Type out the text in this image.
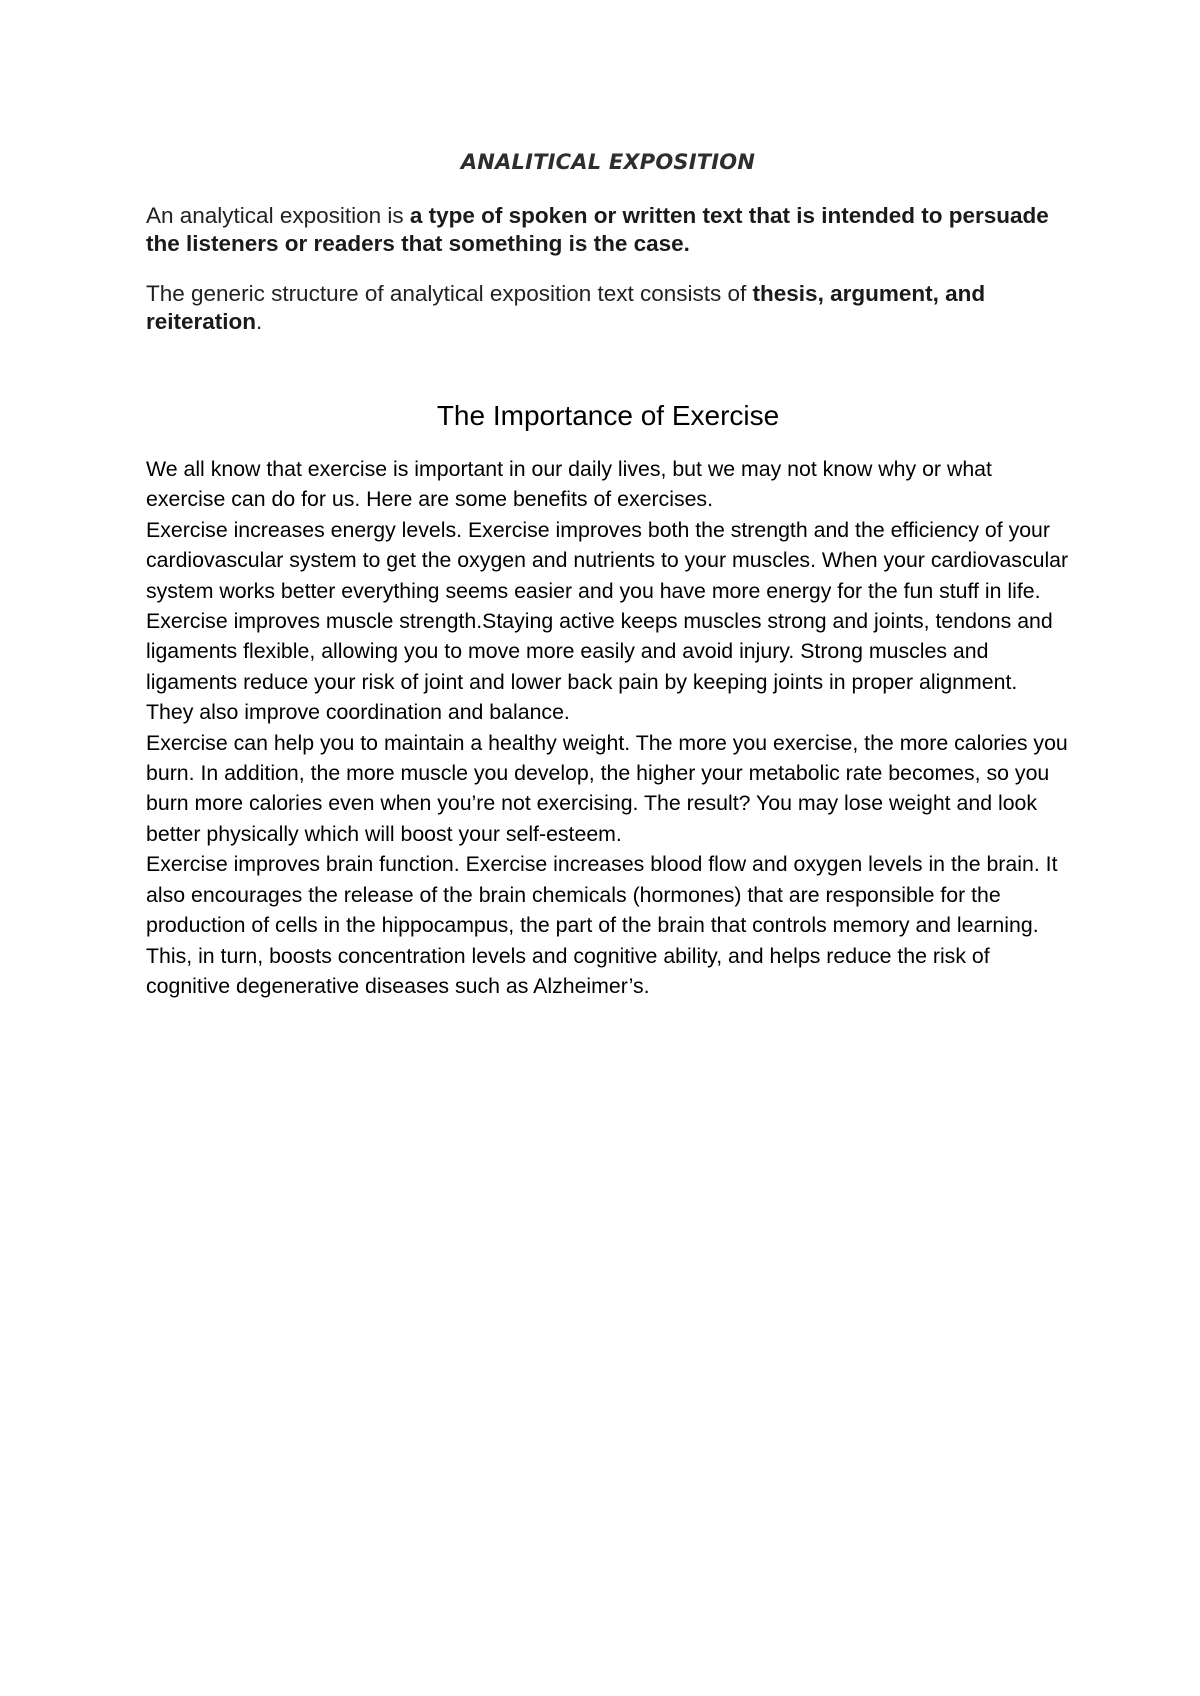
ANALITICAL EXPOSITION

An analytical exposition is a type of spoken or written text that is intended to persuade the listeners or readers that something is the case.

The generic structure of analytical exposition text consists of thesis, argument, and reiteration.

The Importance of Exercise

We all know that exercise is important in our daily lives, but we may not know why or what exercise can do for us. Here are some benefits of exercises.

Exercise increases energy levels. Exercise improves both the strength and the efficiency of your cardiovascular system to get the oxygen and nutrients to your muscles. When your cardiovascular system works better everything seems easier and you have more energy for the fun stuff in life.

Exercise improves muscle strength.Staying active keeps muscles strong and joints, tendons and ligaments flexible, allowing you to move more easily and avoid injury. Strong muscles and ligaments reduce your risk of joint and lower back pain by keeping joints in proper alignment. They also improve coordination and balance.

Exercise can help you to maintain a healthy weight. The more you exercise, the more calories you burn. In addition, the more muscle you develop, the higher your metabolic rate becomes, so you burn more calories even when you’re not exercising. The result? You may lose weight and look better physically which will boost your self-esteem.

Exercise improves brain function. Exercise increases blood flow and oxygen levels in the brain. It also encourages the release of the brain chemicals (hormones) that are responsible for the production of cells in the hippocampus, the part of the brain that controls memory and learning. This, in turn, boosts concentration levels and cognitive ability, and helps reduce the risk of cognitive degenerative diseases such as Alzheimer’s.
